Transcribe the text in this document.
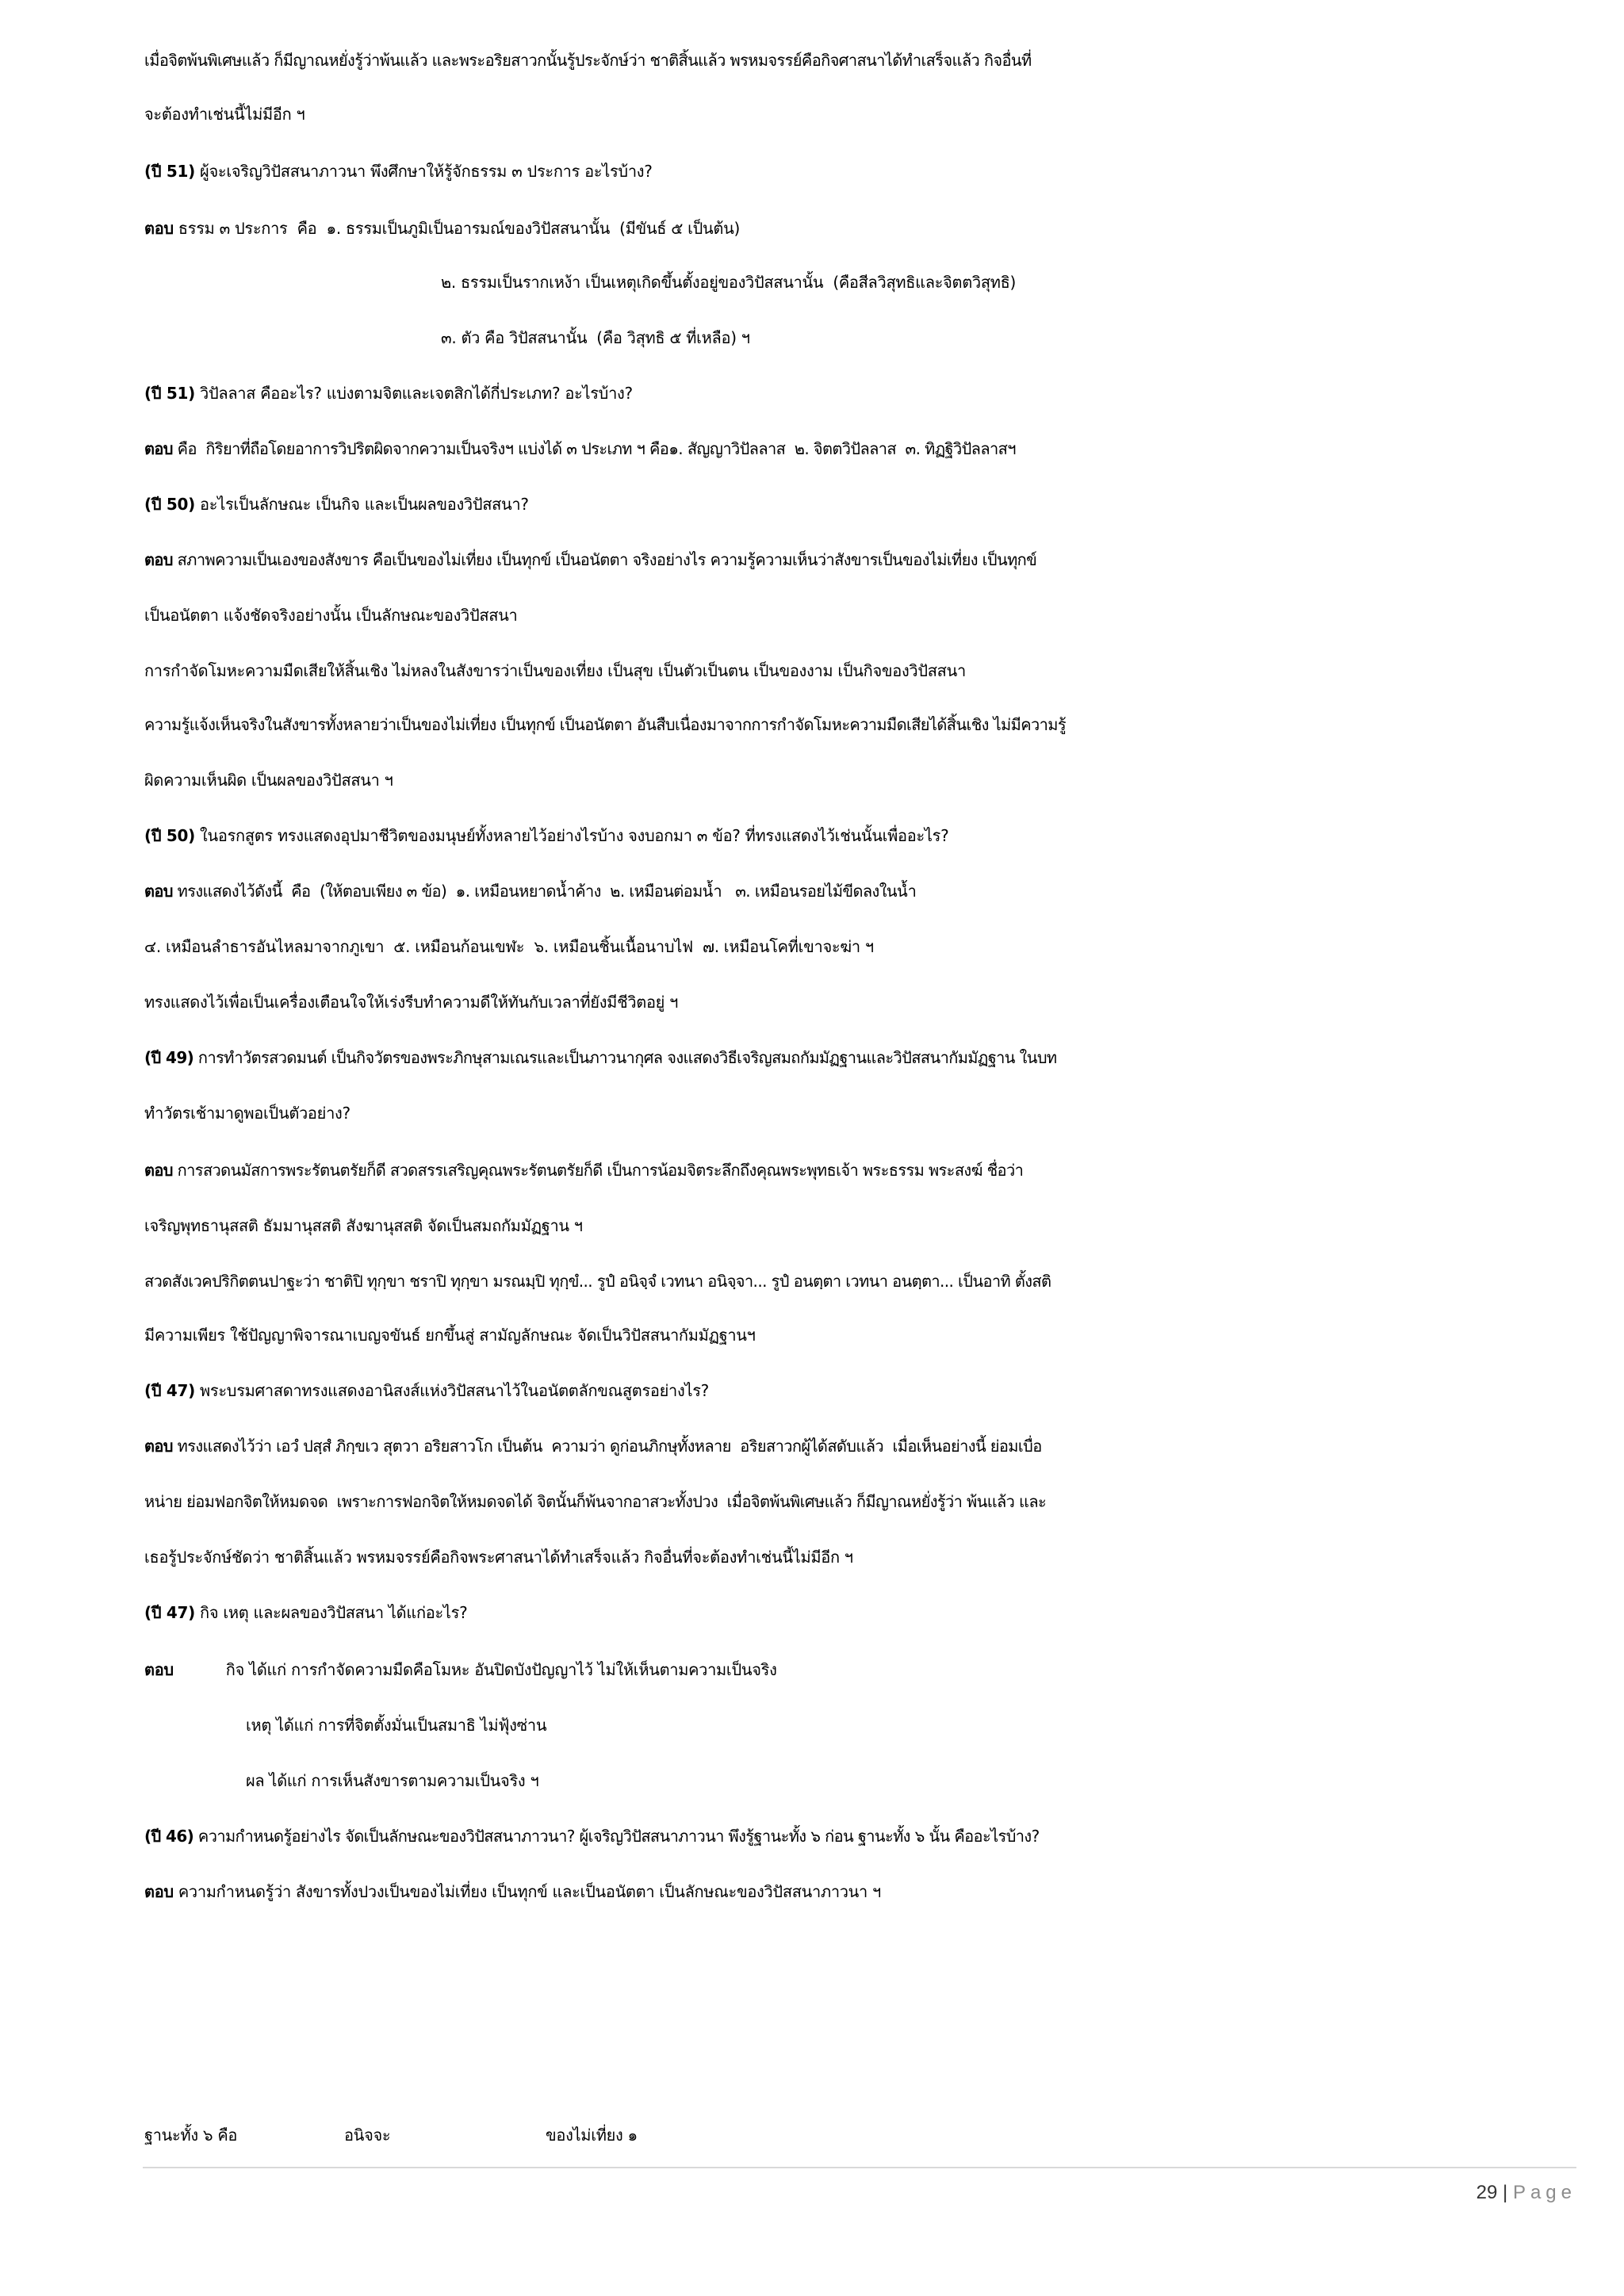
เมื่อจิตพ้นพิเศษแล้ว ก็มีญาณหยั่งรู้ว่าพ้นแล้ว และพระอริยสาวกนั้นรู้ประจักษ์ว่า ชาติสิ้นแล้ว พรหมจรรย์คือกิจศาสนาได้ทำเสร็จแล้ว กิจอื่นที่
จะต้องทำเช่นนี้ไม่มีอีก ฯ
(ปี 51) ผู้จะเจริญวิปัสสนาภาวนา พึงศึกษาให้รู้จักธรรม ๓ ประการ อะไรบ้าง?
ตอบ ธรรม ๓ ประการ  คือ  ๑. ธรรมเป็นภูมิเป็นอารมณ์ของวิปัสสนานั้น  (มีขันธ์ ๕ เป็นต้น)
๒. ธรรมเป็นรากเหง้า เป็นเหตุเกิดขึ้นตั้งอยู่ของวิปัสสนานั้น  (คือสีลวิสุทธิและจิตตวิสุทธิ)
๓. ตัว คือ วิปัสสนานั้น  (คือ วิสุทธิ ๕ ที่เหลือ) ฯ
(ปี 51) วิปัลลาส คืออะไร? แบ่งตามจิตและเจตสิกได้กี่ประเภท? อะไรบ้าง?
ตอบ คือ  กิริยาที่ถือโดยอาการวิปริตผิดจากความเป็นจริงฯ แบ่งได้ ๓ ประเภท ฯ คือ๑. สัญญาวิปัลลาส  ๒. จิตตวิปัลลาส  ๓. ทิฏฐิวิปัลลาสฯ
(ปี 50) อะไรเป็นลักษณะ เป็นกิจ และเป็นผลของวิปัสสนา?
ตอบ สภาพความเป็นเองของสังขาร คือเป็นของไม่เที่ยง เป็นทุกข์ เป็นอนัตตา จริงอย่างไร ความรู้ความเห็นว่าสังขารเป็นของไม่เที่ยง เป็นทุกข์
เป็นอนัตตา แจ้งชัดจริงอย่างนั้น เป็นลักษณะของวิปัสสนา
การกำจัดโมหะความมืดเสียให้สิ้นเชิง ไม่หลงในสังขารว่าเป็นของเที่ยง เป็นสุข เป็นตัวเป็นตน เป็นของงาม เป็นกิจของวิปัสสนา
ความรู้แจ้งเห็นจริงในสังขารทั้งหลายว่าเป็นของไม่เที่ยง เป็นทุกข์ เป็นอนัตตา อันสืบเนื่องมาจากการกำจัดโมหะความมืดเสียได้สิ้นเชิง ไม่มีความรู้
ผิดความเห็นผิด เป็นผลของวิปัสสนา ฯ
(ปี 50) ในอรกสูตร ทรงแสดงอุปมาชีวิตของมนุษย์ทั้งหลายไว้อย่างไรบ้าง จงบอกมา ๓ ข้อ? ที่ทรงแสดงไว้เช่นนั้นเพื่ออะไร?
ตอบ ทรงแสดงไว้ดังนี้  คือ  (ให้ตอบเพียง ๓ ข้อ)  ๑. เหมือนหยาดน้ำค้าง  ๒. เหมือนต่อมน้ำ   ๓. เหมือนรอยไม้ขีดลงในน้ำ
๔. เหมือนลำธารอันไหลมาจากภูเขา  ๕. เหมือนก้อนเขฬะ  ๖. เหมือนชิ้นเนื้อนาบไฟ  ๗. เหมือนโคที่เขาจะฆ่า ฯ
ทรงแสดงไว้เพื่อเป็นเครื่องเตือนใจให้เร่งรีบทำความดีให้ทันกับเวลาที่ยังมีชีวิตอยู่ ฯ
(ปี 49) การทำวัตรสวดมนต์ เป็นกิจวัตรของพระภิกษุสามเณรและเป็นภาวนากุศล จงแสดงวิธีเจริญสมถกัมมัฏฐานและวิปัสสนากัมมัฏฐาน ในบท
ทำวัตรเช้ามาดูพอเป็นตัวอย่าง?
ตอบ การสวดนมัสการพระรัตนตรัยก็ดี สวดสรรเสริญคุณพระรัตนตรัยก็ดี เป็นการน้อมจิตระลึกถึงคุณพระพุทธเจ้า พระธรรม พระสงฆ์ ชื่อว่า
เจริญพุทธานุสสติ ธัมมานุสสติ สังฆานุสสติ จัดเป็นสมถกัมมัฏฐาน ฯ
สวดสังเวคปริกิตตนปาฐะว่า ชาติปิ ทุกฺขา ชราปิ ทุกฺขา มรณมฺปิ ทุกฺขํ... รูปํ อนิจฺจํ เวทนา อนิจฺจา... รูปํ อนตฺตา เวทนา อนตฺตา... เป็นอาทิ ตั้งสติ
มีความเพียร ใช้ปัญญาพิจารณาเบญจขันธ์ ยกขึ้นสู่ สามัญลักษณะ จัดเป็นวิปัสสนากัมมัฏฐานฯ
(ปี 47) พระบรมศาสดาทรงแสดงอานิสงส์แห่งวิปัสสนาไว้ในอนัตตลักขณสูตรอย่างไร?
ตอบ ทรงแสดงไว้ว่า เอวํ ปสฺสํ ภิกฺขเว สุตวา อริยสาวโก เป็นต้น  ความว่า ดูก่อนภิกษุทั้งหลาย  อริยสาวกผู้ได้สดับแล้ว  เมื่อเห็นอย่างนี้ ย่อมเบื่อ
หน่าย ย่อมฟอกจิตให้หมดจด  เพราะการฟอกจิตให้หมดจดได้ จิตนั้นก็พ้นจากอาสวะทั้งปวง  เมื่อจิตพ้นพิเศษแล้ว ก็มีญาณหยั่งรู้ว่า พ้นแล้ว และ
เธอรู้ประจักษ์ชัดว่า ชาติสิ้นแล้ว พรหมจรรย์คือกิจพระศาสนาได้ทำเสร็จแล้ว กิจอื่นที่จะต้องทำเช่นนี้ไม่มีอีก ฯ
(ปี 47) กิจ เหตุ และผลของวิปัสสนา ได้แก่อะไร?
ตอบ	กิจ ได้แก่ การกำจัดความมืดคือโมหะ อันปิดบังปัญญาไว้ ไม่ให้เห็นตามความเป็นจริง
เหตุ ได้แก่ การที่จิตตั้งมั่นเป็นสมาธิ ไม่ฟุ้งซ่าน
ผล ได้แก่ การเห็นสังขารตามความเป็นจริง ฯ
(ปี 46) ความกำหนดรู้อย่างไร จัดเป็นลักษณะของวิปัสสนาภาวนา? ผู้เจริญวิปัสสนาภาวนา พึงรู้ฐานะทั้ง ๖ ก่อน ฐานะทั้ง ๖ นั้น คืออะไรบ้าง?
ตอบ ความกำหนดรู้ว่า สังขารทั้งปวงเป็นของไม่เที่ยง เป็นทุกข์ และเป็นอนัตตา เป็นลักษณะของวิปัสสนาภาวนา ฯ
ฐานะทั้ง ๖ คือ	อนิจจะ	ของไม่เที่ยง ๑
29 | Page
